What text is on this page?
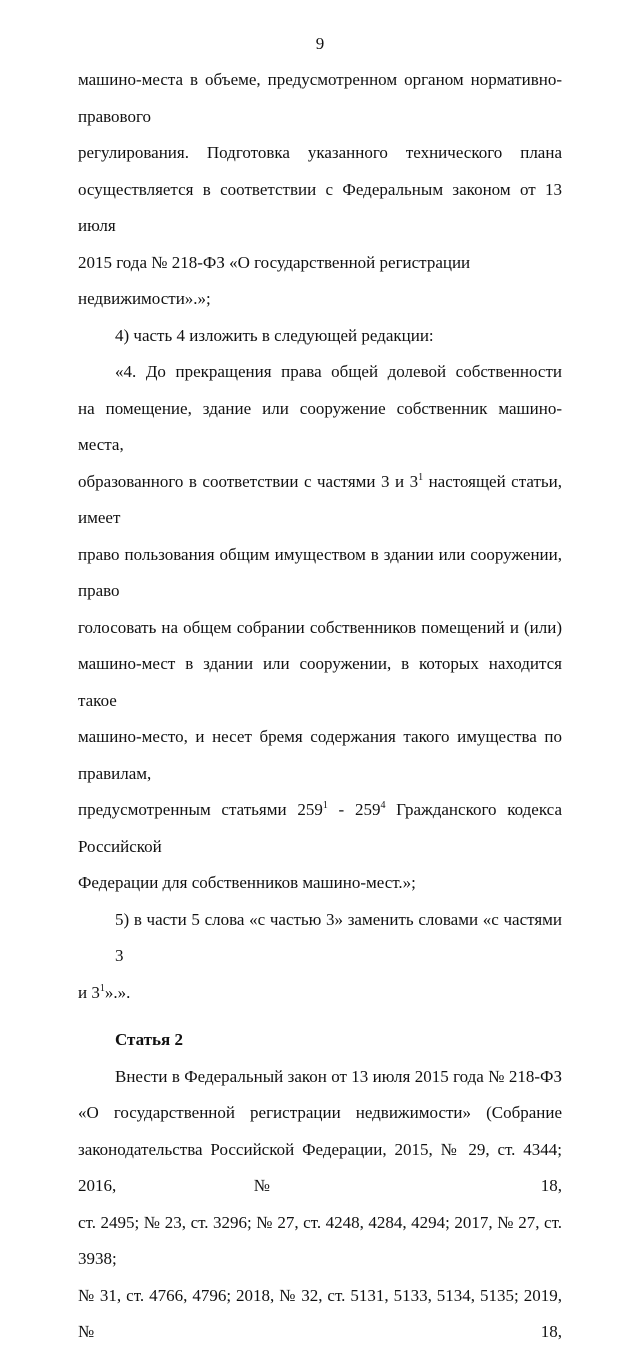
9

машино-места в объеме, предусмотренном органом нормативно-правового
регулирования. Подготовка указанного технического плана
осуществляется в соответствии с Федеральным законом от 13 июля
2015 года № 218-ФЗ «О государственной регистрации недвижимости».»;

4) часть 4 изложить в следующей редакции:

«4. До прекращения права общей долевой собственности
на помещение, здание или сооружение собственник машино-места,
образованного в соответствии с частями 3 и $3^1$ настоящей статьи, имеет
право пользования общим имуществом в здании или сооружении, право
голосовать на общем собрании собственников помещений и (или)
машино-мест в здании или сооружении, в которых находится такое
машино-место, и несет бремя содержания такого имущества по правилам,
предусмотренным статьями $259^1 - 259^4$ Гражданского кодекса Российской
Федерации для собственников машино-мест.»;

5) в части 5 слова «с частью 3» заменить словами «с частями 3
и $3^1$».».

Статья 2

Внести в Федеральный закон от 13 июля 2015 года № 218-ФЗ
«О государственной регистрации недвижимости» (Собрание
законодательства Российской Федерации, 2015, № 29, ст. 4344; 2016, № 18,
ст. 2495; № 23, ст. 3296; № 27, ст. 4248, 4284, 4294; 2017, № 27, ст. 3938;
№ 31, ст. 4766, 4796; 2018, № 32, ст. 5131, 5133, 5134, 5135; 2019, № 18,
